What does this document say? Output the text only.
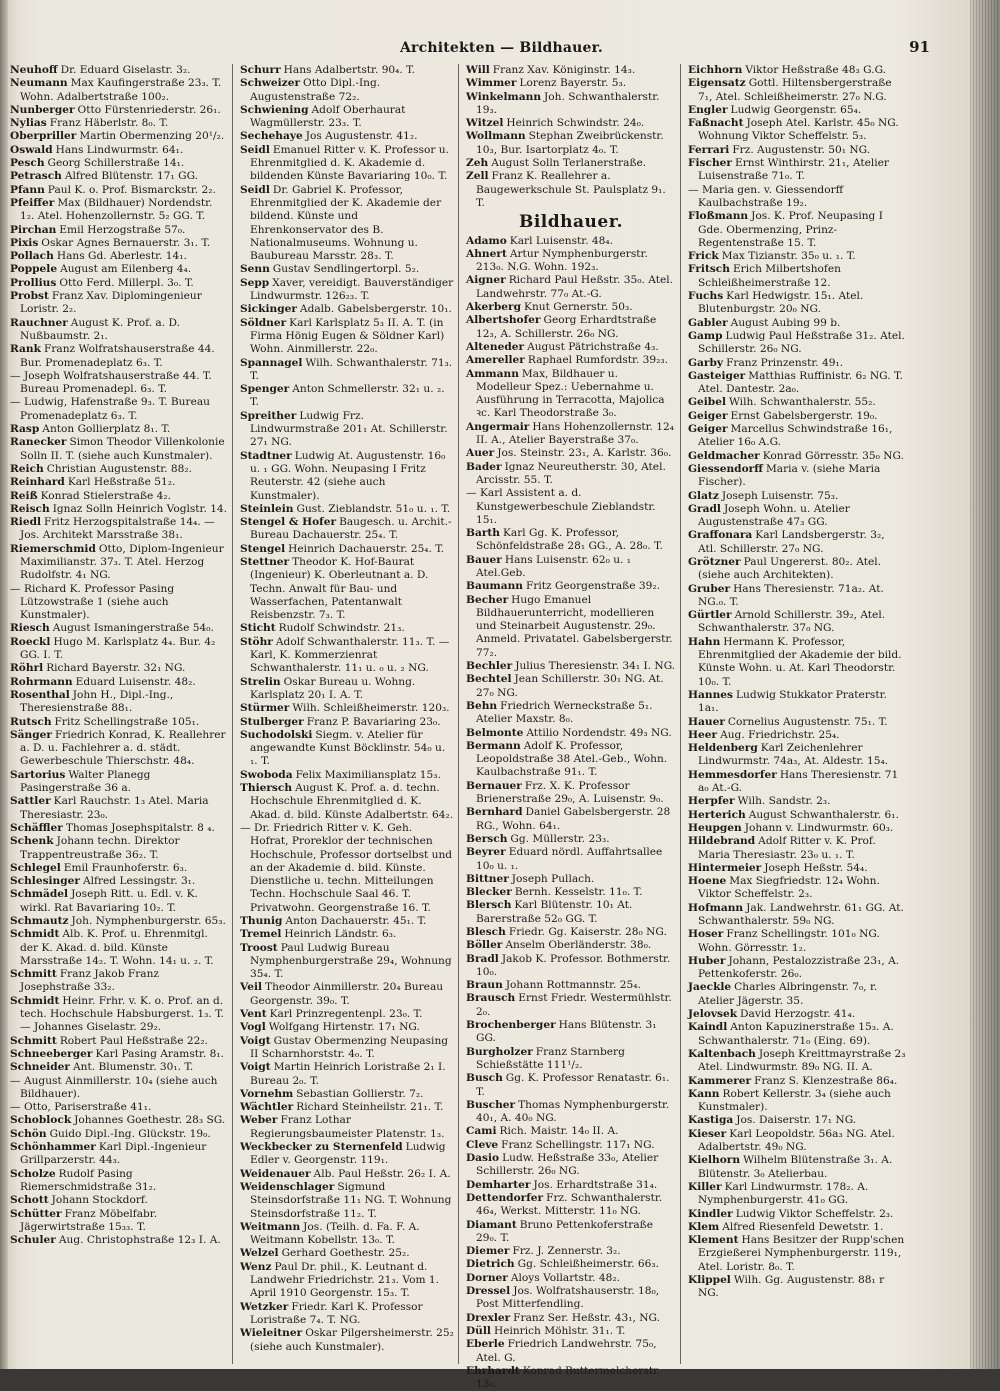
Architekten — Bildhauer.	91
Neuhoff Dr. Eduard Giselastr. 3₂.
Neumann Max Kaufingerstraße 23₃. T. Wohn. Adalbertstraße 100₂.
Nunberger Otto Fürstenriederstr. 26₁.
Nylias Franz Häberlstr. 8₀. T.
Oberpriller Martin Obermenzing 20¹/₂.
Oswald Hans Lindwurmstr. 64₁.
Pesch Georg Schillerstraße 14₁.
Petrasch Alfred Blütenstr. 17₁ GG.
Pfann Paul K. o. Prof. Bismarckstr. 2₂.
Pfeiffer Max (Bildhauer) Nordendstr. 1₂. Atel. Hohenzollernstr. 5₂ GG. T.
Pirchan Emil Herzogstraße 57₀.
Pixis Oskar Agnes Bernauerstr. 3₁. T.
Pollach Hans Gd. Aberlestr. 14₁.
Poppele August am Eilenberg 4₄.
Prollius Otto Ferd. Millerpl. 3₀. T.
Probst Franz Xav. Diplomingenieur Loristr. 2₂.
Rauchner August K. Prof. a. D. Nußbaumstr. 2₁.
Rank Franz Wolfratshauserstraße 44. Bur. Promenadeplatz 6₃. T.
— Joseph Wolfratshauserstraße 44. T. Bureau Promenadepl. 6₃. T.
— Ludwig, Hafenstraße 9₃. T. Bureau Promenadeplatz 6₃. T.
Rasp Anton Gollierplatz 8₁. T.
Ranecker Simon Theodor Villenkolonie Solln II. T. (siehe auch Kunstmaler).
Reich Christian Augustenstr. 88₂.
Reinhard Karl Heßstraße 51₂.
Reiß Konrad Stielerstraße 4₂.
Reisch Ignaz Solln Heinrich Voglstr. 14.
Riedl Fritz Herzogspitalstraße 14₄. — Jos. Architekt Marsstraße 38₁.
Riemerschmid Otto, Diplom-Ingenieur Maximilianstr. 37₃. T. Atel. Herzog Rudolfstr. 4₁ NG.
— Richard K. Professor Pasing Lützowstraße 1 (siehe auch Kunstmaler).
Riesch August Ismaningerstraße 54₀.
Roeckl Hugo M. Karlsplatz 4₄. Bur. 4₂ GG. I. T.
Röhrl Richard Bayerstr. 32₁ NG.
Rohrmann Eduard Luisenstr. 48₂.
Rosenthal John H., Dipl.-Ing., Theresienstraße 88₁.
Rutsch Fritz Schellingstraße 105₁.
Sänger Friedrich Konrad, K. Reallehrer a. D. u. Fachlehrer a. d. städt. Gewerbeschule Thierschstr. 48₄.
Sartorius Walter Planegg Pasingerstraße 36 a.
Sattler Karl Rauchstr. 1₃ Atel. Maria Theresiastr. 23₀.
Schäffler Thomas Josephspitalstr. 8 ₄.
Schenk Johann techn. Direktor Trappentreustraße 36₂. T.
Schlegel Emil Fraunhoferstr. 6₃.
Schlesinger Alfred Lessingstr. 3₁.
Schmädel Joseph Ritt. u. Edl. v. K. wirkl. Rat Bavariaring 10₂. T.
Schmautz Joh. Nymphenburgerstr. 65₃.
Schmidt Alb. K. Prof. u. Ehrenmitgl. der K. Akad. d. bild. Künste Marsstraße 14₂. T. Wohn. 14₁ u. ₂. T.
Schmitt Franz Jakob Franz Josephstraße 33₂.
Schmidt Heinr. Frhr. v. K. o. Prof. an d. tech. Hochschule Habsburgerst. 1₃. T. — Johannes Giselastr. 29₂.
Schmitt Robert Paul Heßstraße 22₂.
Schneeberger Karl Pasing Aramstr. 8₁.
Schneider Ant. Blumenstr. 30₁. T.
— August Ainmillerstr. 10₄ (siehe auch Bildhauer).
— Otto, Pariserstraße 41₁.
Schoblock Johannes Goethestr. 28₃ SG.
Schön Guido Dipl.-Ing. Glückstr. 19₀.
Schönhammer Karl Dipl.-Ingenieur Grillparzerstr. 44₃.
Scholze Rudolf Pasing Riemerschmidstraße 31₂.
Schott Johann Stockdorf.
Schütter Franz Möbelfabr. Jägerwirtstraße 15₃₃. T.
Schuler Aug. Christophstraße 12₃ I. A.
Schurr Hans Adalbertstr. 90₄. T.
Schweizer Otto Dipl.-Ing. Augustenstraße 72₂.
Schwiening Adolf Oberhaurat Wagmüllerstr. 23₃. T.
Sechehaye Jos Augustenstr. 41₂.
Seidl Emanuel Ritter v. K. Professor u. Ehrenmitglied d. K. Akademie d. bildenden Künste Bavariaring 10₀. T.
Seidl Dr. Gabriel K. Professor, Ehrenmitglied der K. Akademie der bildend. Künste und Ehrenkonservator des B. Nationalmuseums. Wohnung u. Baubureau Marsstr. 28₃. T.
Senn Gustav Sendlingertorpl. 5₂.
Sepp Xaver, vereidigt. Bauverständiger Lindwurmstr. 126₂₃. T.
Sickinger Adalb. Gabelsbergerstr. 10₁.
Söldner Karl Karlsplatz 5₃ II. A. T. (in Firma Hönig Eugen & Söldner Karl) Wohn. Ainmillerstr. 22₀.
Spannagel Wilh. Schwanthalerstr. 71₃. T.
Spenger Anton Schmellerstr. 32₁ u. ₂. T.
Spreither Ludwig Frz. Lindwurmstraße 201₁ At. Schillerstr. 27₁ NG.
Stadtner Ludwig At. Augustenstr. 16₀ u. ₁ GG. Wohn. Neupasing I Fritz Reuterstr. 42 (siehe auch Kunstmaler).
Steinlein Gust. Zieblandstr. 51₀ u. ₁. T.
Stengel & Hofer Baugesch. u. Archit.-Bureau Dachauerstr. 25₄. T.
Stengel Heinrich Dachauerstr. 25₄. T.
Stettner Theodor K. Hof-Baurat (Ingenieur) K. Oberleutnant a. D. Techn. Anwalt für Bau- und Wasserfachen, Patentanwalt Reisbenzstr. 7₃. T.
Sticht Rudolf Schwindstr. 21₃.
Stöhr Adolf Schwanthalerstr. 11₃. T. — Karl, K. Kommerzienrat Schwanthalerstr. 11₁ u. ₀ u. ₂ NG.
Strelin Oskar Bureau u. Wohng. Karlsplatz 20₁ I. A. T.
Stürmer Wilh. Schleißheimerstr. 120₃.
Stulberger Franz P. Bavariaring 23₀.
Suchodolski Siegm. v. Atelier für angewandte Kunst Böcklinstr. 54₀ u. ₁. T.
Swoboda Felix Maximiliansplatz 15₃.
Thiersch August K. Prof. a. d. techn. Hochschule Ehrenmitglied d. K. Akad. d. bild. Künste Adalbertstr. 64₂.
— Dr. Friedrich Ritter v. K. Geh. Hofrat, Proreklor der technischen Hochschule, Professor dortselbst und an der Akademie d. bild. Künste. Dienstliche u. techn. Mitteilungen Techn. Hochschule Saal 46. T. Privatwohn. Georgenstraße 16. T.
Thunig Anton Dachauerstr. 45₁. T.
Tremel Heinrich Ländstr. 6₃.
Troost Paul Ludwig Bureau Nymphenburgerstraße 29₄, Wohnung 35₄. T.
Veil Theodor Ainmillerstr. 20₄ Bureau Georgenstr. 39₀. T.
Vent Karl Prinzregentenpl. 23₀. T.
Vogl Wolfgang Hirtenstr. 17₁ NG.
Voigt Gustav Obermenzing Neupasing II Scharnhorststr. 4₀. T.
Voigt Martin Heinrich Loristraße 2₁ I. Bureau 2₀. T.
Vornehm Sebastian Gollierstr. 7₂.
Wächtler Richard Steinheilstr. 21₁. T.
Weber Franz Lothar Regierungsbaumeister Platenstr. 1₃.
Weckbecker zu Sternenfeld Ludwig Edler v. Georgenstr. 119₁.
Weidenauer Alb. Paul Heßstr. 26₂ I. A.
Weidenschlager Sigmund Steinsdorfstraße 11₁ NG. T. Wohnung Steinsdorfstraße 11₂. T.
Weitmann Jos. (Teilh. d. Fa. F. A. Weitmann Kobellstr. 13₀. T.
Welzel Gerhard Goethestr. 25₂.
Wenz Paul Dr. phil., K. Leutnant d. Landwehr Friedrichstr. 21₃. Vom 1. April 1910 Georgenstr. 15₃. T.
Wetzker Friedr. Karl K. Professor Loristraße 7₄. T. NG.
Wieleitner Oskar Pilgersheimerstr. 25₂ (siehe auch Kunstmaler).
Will Franz Xav. Königinstr. 14₃.
Wimmer Lorenz Bayerstr. 5₃.
Winkelmann Joh. Schwanthalerstr. 19₃.
Witzel Heinrich Schwindstr. 24₀.
Wollmann Stephan Zweibrückenstr. 10₃, Bur. Isartorplatz 4₀. T.
Zeh August Solln Terlanerstraße.
Zell Franz K. Reallehrer a. Baugewerkschule St. Paulsplatz 9₁. T.
Bildhauer.
Adamo Karl Luisenstr. 48₄.
Ahnert Artur Nymphenburgerstr. 213₀. N.G. Wohn. 192₃.
Aigner Richard Paul Heßstr. 35₀. Atel. Landwehrstr. 77₀ At.-G.
Akerberg Knut Gernerstr. 50₃.
Albertshofer Georg Erhardtstraße 12₃, A. Schillerstr. 26₀ NG.
Alteneder August Pätrichstraße 4₃.
Amereller Raphael Rumfordstr. 39₂₃.
Ammann Max, Bildhauer u. Modelleur Spez.: Uebernahme u. Ausführung in Terracotta, Majolica ꝛc. Karl Theodorstraße 3₀.
Angermair Hans Hohenzollernstr. 12₄ II. A., Atelier Bayerstraße 37₀.
Auer Jos. Steinstr. 23₁, A. Karlstr. 36₀.
Bader Ignaz Neureutherstr. 30, Atel. Arcisstr. 55. T.
— Karl Assistent a. d. Kunstgewerbeschule Zieblandstr. 15₁.
Barth Karl Gg. K. Professor, Schönfeldstraße 28₁ GG., A. 28₀. T.
Bauer Hans Luisenstr. 62₀ u. ₁ Atel.Geb.
Baumann Fritz Georgenstraße 39₂.
Becher Hugo Emanuel Bildhauerunterricht, modellieren und Steinarbeit Augustenstr. 29₀. Anmeld. Privatatel. Gabelsbergerstr. 77₂.
Bechler Julius Theresienstr. 34₁ I. NG.
Bechtel Jean Schillerstr. 30₁ NG. At. 27₀ NG.
Behn Friedrich Werneckstraße 5₁. Atelier Maxstr. 8₀.
Belmonte Attilio Nordendstr. 49₃ NG.
Bermann Adolf K. Professor, Leopoldstraße 38 Atel.-Geb., Wohn. Kaulbachstraße 91₁. T.
Bernauer Frz. X. K. Professor Brienerstraße 29₀, A. Luisenstr. 9₀.
Bernhard Daniel Gabelsbergerstr. 28 RG., Wohn. 64₁.
Bersch Gg. Müllerstr. 23₃.
Beyrer Eduard nördl. Auffahrtsallee 10₀ u. ₁.
Bittner Joseph Pullach.
Blecker Bernh. Kesselstr. 11₀. T.
Blersch Karl Blütenstr. 10₁ At. Barerstraße 52₀ GG. T.
Blesch Friedr. Gg. Kaiserstr. 28₀ NG.
Böller Anselm Oberländerstr. 38₀.
Bradl Jakob K. Professor. Bothmerstr. 10₀.
Braun Johann Rottmannstr. 25₄.
Brausch Ernst Friedr. Westermühlstr. 2₀.
Brochenberger Hans Blütenstr. 3₁ GG.
Burgholzer Franz Starnberg Schießstätte 111¹/₂.
Busch Gg. K. Professor Renatastr. 6₁. T.
Buscher Thomas Nymphenburgerstr. 40₁, A. 40₀ NG.
Cami Rich. Maistr. 14₀ II. A.
Cleve Franz Schellingstr. 117₁ NG.
Dasio Ludw. Heßstraße 33₀, Atelier Schillerstr. 26₀ NG.
Demharter Jos. Erhardtstraße 31₄.
Dettendorfer Frz. Schwanthalerstr. 46₄, Werkst. Mitterstr. 11₀ NG.
Diamant Bruno Pettenkoferstraße 29₀. T.
Diemer Frz. J. Zennerstr. 3₂.
Dietrich Gg. Schleißheimerstr. 66₃.
Dorner Aloys Vollartstr. 48₂.
Dressel Jos. Wolfratshauserstr. 18₀, Post Mitterfendling.
Drexler Franz Ser. Heßstr. 43₁, NG.
Düll Heinrich Möhlstr. 31₁. T.
Eberle Friedrich Landwehrstr. 75₀, Atel. G.
Ehrhardt Konrad Buttermelcherstr. 13₀.
Eichhorn Viktor Heßstraße 48₃ G.G.
Eigensatz Gottl. Hiltensbergerstraße 7₁, Atel. Schleißheimerstr. 27₀ N.G.
Engler Ludwig Georgenstr. 65₄.
Faßnacht Joseph Atel. Karlstr. 45₀ NG. Wohnung Viktor Scheffelstr. 5₃.
Ferrari Frz. Augustenstr. 50₁ NG.
Fischer Ernst Winthirstr. 21₁, Atelier Luisenstraße 71₀. T.
— Maria gen. v. Giessendorff Kaulbachstraße 19₂.
Floßmann Jos. K. Prof. Neupasing I Gde. Obermenzing, Prinz-Regentenstraße 15. T.
Frick Max Tizianstr. 35₀ u. ₁. T.
Fritsch Erich Milbertshofen Schleißheimerstraße 12.
Fuchs Karl Hedwigstr. 15₁. Atel. Blutenburgstr. 20₀ NG.
Gabler August Aubing 99 b.
Gamp Ludwig Paul Heßstraße 31₂. Atel. Schillerstr. 26₀ NG.
Garby Franz Prinzenstr. 49₁.
Gasteiger Matthias Ruffinistr. 6₂ NG. T. Atel. Dantestr. 2a₀.
Geibel Wilh. Schwanthalerstr. 55₂.
Geiger Ernst Gabelsbergerstr. 19₀.
Geiger Marcellus Schwindstraße 16₁, Atelier 16₀ A.G.
Geldmacher Konrad Görresstr. 35₀ NG.
Giessendorff Maria v. (siehe Maria Fischer).
Glatz Joseph Luisenstr. 75₃.
Gradl Joseph Wohn. u. Atelier Augustenstraße 47₃ GG.
Graffonara Karl Landsbergerstr. 3₂, Atl. Schillerstr. 27₀ NG.
Grötzner Paul Ungererst. 80₂. Atel. (siehe auch Architekten).
Gruber Hans Theresienstr. 71a₂. At. NG.₀. T.
Gürtler Arnold Schillerstr. 39₂, Atel. Schwanthalerstr. 37₀ NG.
Hahn Hermann K. Professor, Ehrenmitglied der Akademie der bild. Künste Wohn. u. At. Karl Theodorstr. 10₀. T.
Hannes Ludwig Stukkator Praterstr. 1a₁.
Hauer Cornelius Augustenstr. 75₁. T.
Heer Aug. Friedrichstr. 25₄.
Heldenberg Karl Zeichenlehrer Lindwurmstr. 74a₃, At. Aldestr. 15₄.
Hemmesdorfer Hans Theresienstr. 71 a₀ At.-G.
Herpfer Wilh. Sandstr. 2₃.
Herterich August Schwanthalerstr. 6₁.
Heupgen Johann v. Lindwurmstr. 60₃.
Hildebrand Adolf Ritter v. K. Prof. Maria Theresiastr. 23₀ u. ₁. T.
Hintermeier Joseph Heßstr. 54₄.
Hoene Max Siegfriedstr. 12₄ Wohn. Viktor Scheffelstr. 2₃.
Hofmann Jak. Landwehrstr. 61₁ GG. At. Schwanthalerstr. 59₀ NG.
Hoser Franz Schellingstr. 101₀ NG. Wohn. Görresstr. 1₂.
Huber Johann, Pestalozzistraße 23₁, A. Pettenkoferstr. 26₀.
Jaeckle Charles Albringenstr. 7₀, r. Atelier Jägerstr. 35.
Jelovsek David Herzogstr. 41₄.
Kaindl Anton Kapuzinerstraße 15₃. A. Schwanthalerstr. 71₀ (Eing. 69).
Kaltenbach Joseph Kreittmayrstraße 2₃ Atel. Lindwurmstr. 89₀ NG. II. A.
Kammerer Franz S. Klenzestraße 86₄.
Kann Robert Kellerstr. 3₄ (siehe auch Kunstmaler).
Kastiga Jos. Daiserstr. 17₁ NG.
Kieser Karl Leopoldstr. 56a₃ NG. Atel. Adalbertstr. 49₀ NG.
Kielhorn Wilhelm Blütenstraße 3₁. A. Blütenstr. 3₀ Atelierbau.
Killer Karl Lindwurmstr. 178₂. A. Nymphenburgerstr. 41₀ GG.
Kindler Ludwig Viktor Scheffelstr. 2₃.
Klem Alfred Riesenfeld Dewetstr. 1.
Klement Hans Besitzer der Ruppꞌschen Erzgießerei Nymphenburgerstr. 119₁, Atel. Loristr. 8₀. T.
Klippel Wilh. Gg. Augustenstr. 88₁ r NG.
